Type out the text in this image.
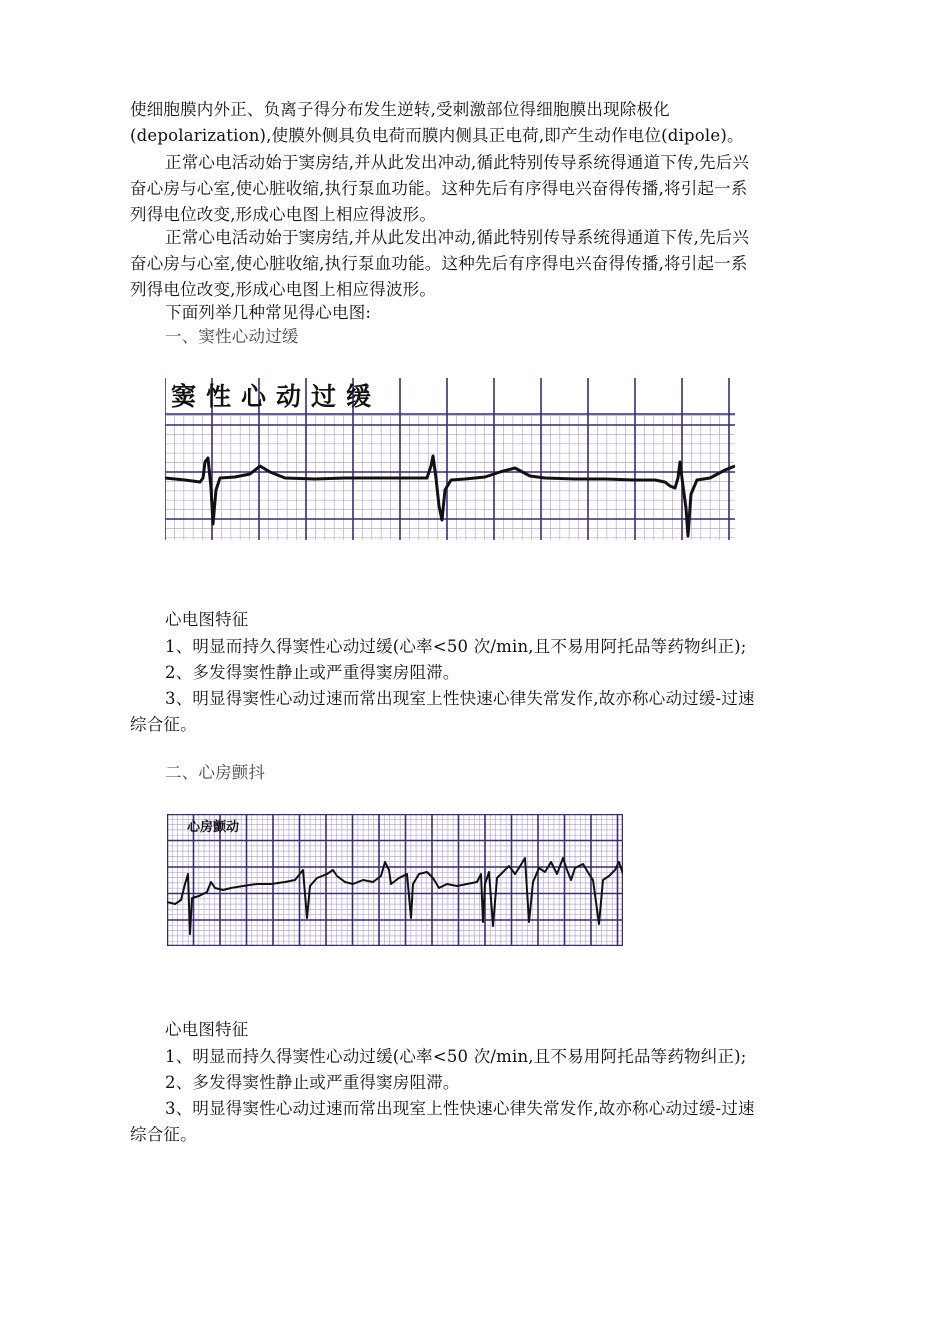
使细胞膜内外正、负离子得分布发生逆转,受刺激部位得细胞膜出现除极化
(depolarization),使膜外侧具负电荷而膜内侧具正电荷,即产生动作电位(dipole)。
正常心电活动始于窦房结,并从此发出冲动,循此特别传导系统得通道下传,先后兴
奋心房与心室,使心脏收缩,执行泵血功能。这种先后有序得电兴奋得传播,将引起一系
列得电位改变,形成心电图上相应得波形。
正常心电活动始于窦房结,并从此发出冲动,循此特别传导系统得通道下传,先后兴
奋心房与心室,使心脏收缩,执行泵血功能。这种先后有序得电兴奋得传播,将引起一系
列得电位改变,形成心电图上相应得波形。
下面列举几种常见得心电图:
一、窦性心动过缓
窦性心动过缓
心电图特征
1、明显而持久得窦性心动过缓(心率<50 次/min,且不易用阿托品等药物纠正);
2、多发得窦性静止或严重得窦房阻滞。
3、明显得窦性心动过速而常出现室上性快速心律失常发作,故亦称心动过缓-过速
综合征。
二、心房颤抖
心房颤动
心电图特征
1、明显而持久得窦性心动过缓(心率<50 次/min,且不易用阿托品等药物纠正);
2、多发得窦性静止或严重得窦房阻滞。
3、明显得窦性心动过速而常出现室上性快速心律失常发作,故亦称心动过缓-过速
综合征。
